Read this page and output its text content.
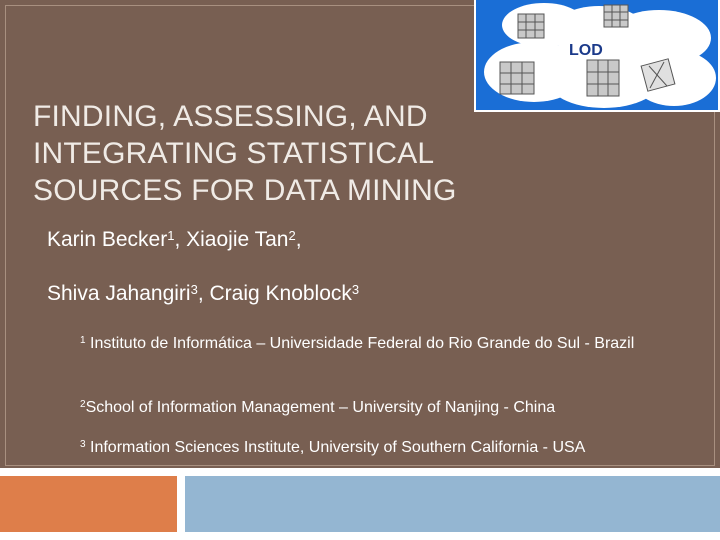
LOD
FINDING, ASSESSING, AND INTEGRATING STATISTICAL SOURCES FOR DATA MINING
Karin Becker$^1$, Xiaojie Tan$^2$,
Shiva Jahangiri$^3$, Craig Knoblock$^3$
$^1$ Instituto de Informática – Universidade Federal do Rio Grande do Sul - Brazil
$^2$School of Information Management – University of Nanjing - China
$^3$ Information Sciences Institute, University of Southern California - USA
